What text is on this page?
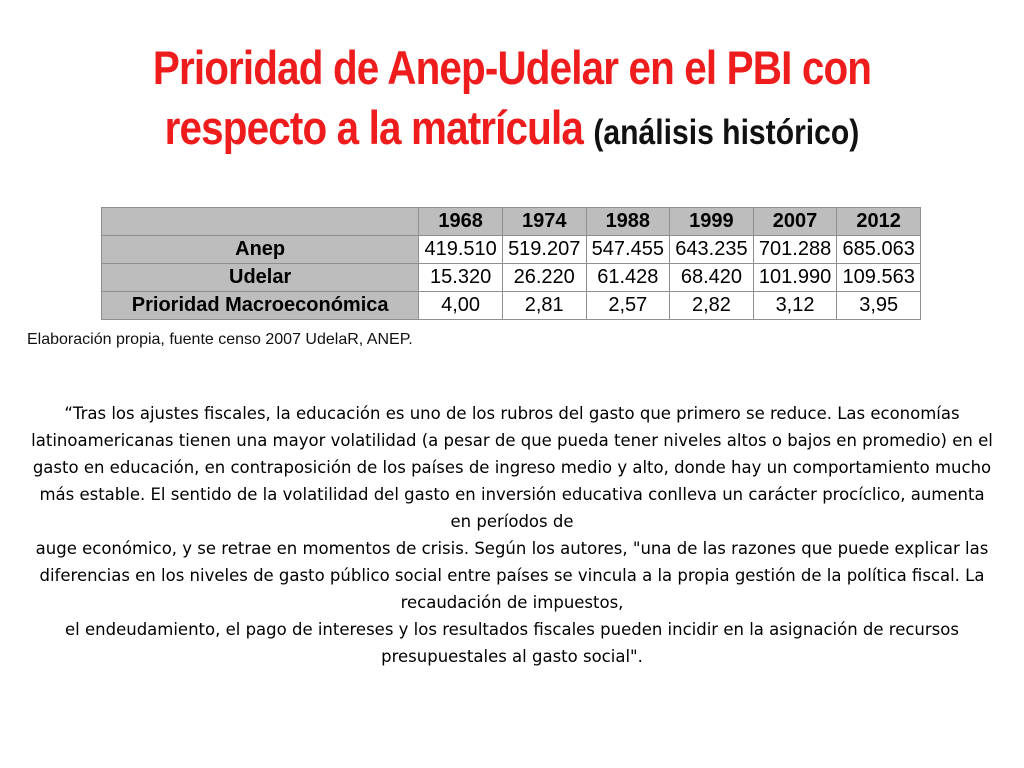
Prioridad de Anep-Udelar en el PBI con respecto a la matrícula (análisis histórico)
	1968	1974	1988	1999	2007	2012
Anep	419.510	519.207	547.455	643.235	701.288	685.063
Udelar	15.320	26.220	61.428	68.420	101.990	109.563
Prioridad Macroeconómica	4,00	2,81	2,57	2,82	3,12	3,95
Elaboración propia, fuente censo 2007 UdelaR, ANEP.

“Tras los ajustes fiscales, la educación es uno de los rubros del gasto que primero se reduce. Las economías latinoamericanas tienen una mayor volatilidad (a pesar de que pueda tener niveles altos o bajos en promedio) en el gasto en educación, en contraposición de los países de ingreso medio y alto, donde hay un comportamiento mucho más estable. El sentido de la volatilidad del gasto en inversión educativa conlleva un carácter procíclico, aumenta en períodos de

auge económico, y se retrae en momentos de crisis. Según los autores, "una de las razones que puede explicar las diferencias en los niveles de gasto público social entre países se vincula a la propia gestión de la política fiscal. La recaudación de impuestos,

el endeudamiento, el pago de intereses y los resultados fiscales pueden incidir en la asignación de recursos presupuestales al gasto social".
